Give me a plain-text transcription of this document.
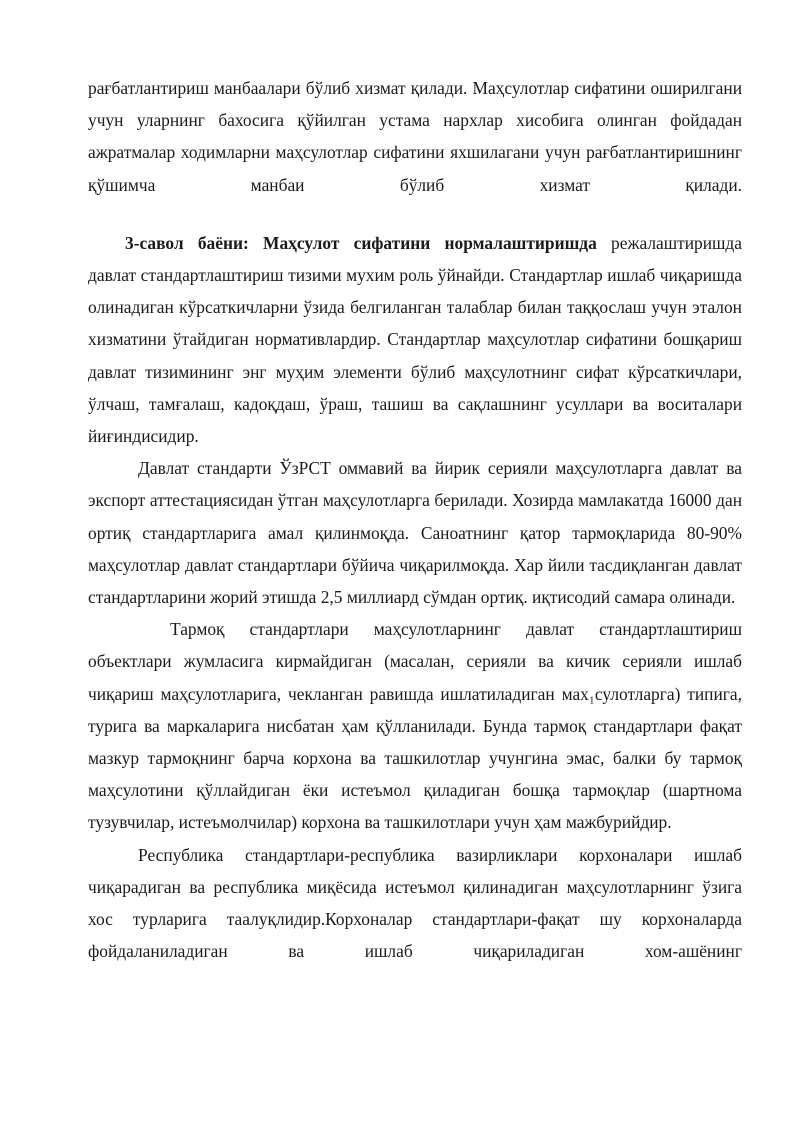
рағбатлантириш манбаалари бўлиб хизмат қилади. Маҳсулотлар сифатини оширилгани учун уларнинг бахосига қўйилган устама нархлар хисобига олинган фойдадан ажратмалар ходимларни маҳсулотлар сифатини яхшилагани учун рағбатлантиришнинг қўшимча манбаи бўлиб хизмат қилади.

3-савол баёни: Маҳсулот сифатини нормалаштиришда режалаштиришда давлат стандартлаштириш тизими мухим роль ўйнайди. Стандартлар ишлаб чиқаришда олинадиган кўрсаткичларни ўзида белгиланган талаблар билан таққослаш учун эталон хизматини ўтайдиган нормативлардир. Стандартлар маҳсулотлар сифатини бошқариш давлат тизимининг энг муҳим элементи бўлиб маҳсулотнинг сифат кўрсаткичлари, ўлчаш, тамғалаш, кадоқдаш, ўраш, ташиш ва сақлашнинг усуллари ва воситалари йиғиндисидир.

Давлат стандарти ЎзРСТ оммавий ва йирик серияли маҳсулотларга давлат ва экспорт аттестациясидан ўтган маҳсулотларга берилади. Хозирда мамлакатда 16000 дан ортиқ стандартларига амал қилинмоқда. Саноатнинг қатор тармоқларида 80-90% маҳсулотлар давлат стандартлари бўйича чиқарилмоқда. Хар йили тасдиқланган давлат стандартларини жорий этишда 2,5 миллиард сўмдан ортиқ. иқтисодий самара олинади.

Тармоқ стандартлари маҳсулотларнинг давлат стандартлаштириш объектлари жумласига кирмайдиган (масалан, серияли ва кичик серияли ишлаб чиқариш маҳсулотларига, чекланган равишда ишлатиладиган мах₁сулотларга) типига, турига ва маркаларига нисбатан ҳам қўлланилади. Бунда тармоқ стандартлари фақат мазкур тармоқнинг барча корхона ва ташкилотлар учунгина эмас, балки бу тармоқ маҳсулотини қўллайдиган ёки истеъмол қиладиган бошқа тармоқлар (шартнома тузувчилар, истеъмолчилар) корхона ва ташкилотлари учун ҳам мажбурийдир.

Республика стандартлари-республика вазирликлари корхоналари ишлаб чиқарадиган ва республика миқёсида истеъмол қилинадиган маҳсулотларнинг ўзига хос турларига таалуқлидир.Корхоналар стандартлари-фақат шу корхоналарда фойдаланиладиган ва ишлаб чиқариладиган хом-ашёнинг
